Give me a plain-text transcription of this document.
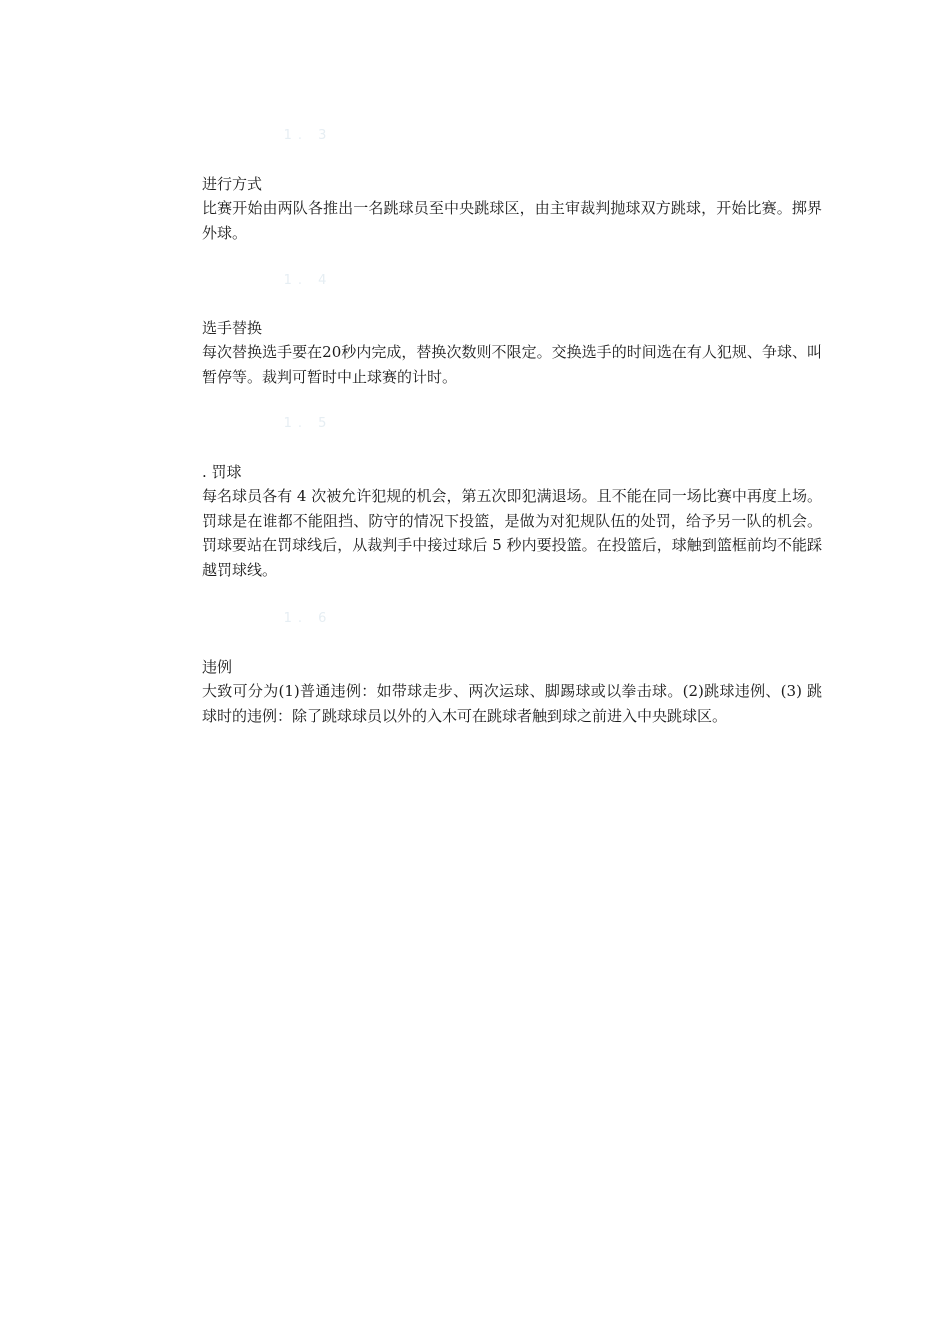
1. 3

进行方式

比赛开始由两队各推出一名跳球员至中央跳球区，由主审裁判抛球双方跳球，开始比赛。掷界外球。

1. 4

选手替换

每次替换选手要在20秒内完成，替换次数则不限定。交换选手的时间选在有人犯规、争球、叫暂停等。裁判可暂时中止球赛的计时。

1. 5

. 罚球

每名球员各有 4 次被允许犯规的机会，第五次即犯满退场。且不能在同一场比赛中再度上场。罚球是在谁都不能阻挡、防守的情况下投篮，是做为对犯规队伍的处罚，给予另一队的机会。罚球要站在罚球线后，从裁判手中接过球后 5 秒内要投篮。在投篮后，球触到篮框前均不能踩越罚球线。

1. 6

违例

大致可分为(1)普通违例：如带球走步、两次运球、脚踢球或以拳击球。(2)跳球违例、(3) 跳球时的违例：除了跳球球员以外的入木可在跳球者触到球之前进入中央跳球区。
